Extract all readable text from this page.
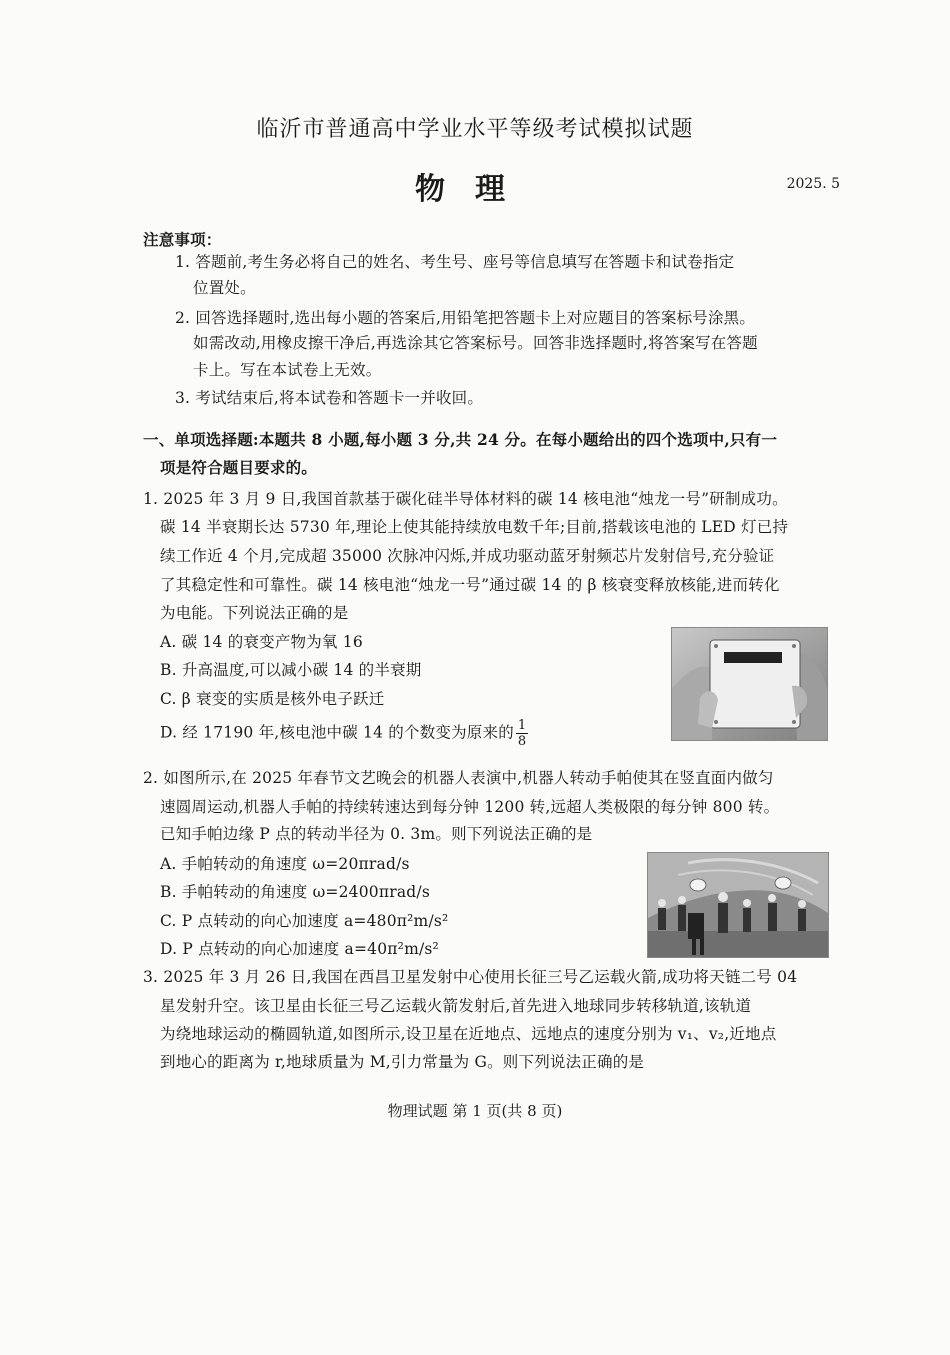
临沂市普通高中学业水平等级考试模拟试题
物理	2025. 5
注意事项：
1. 答题前,考生务必将自己的姓名、考生号、座号等信息填写在答题卡和试卷指定
位置处。
2. 回答选择题时,选出每小题的答案后,用铅笔把答题卡上对应题目的答案标号涂黑。
如需改动,用橡皮擦干净后,再选涂其它答案标号。回答非选择题时,将答案写在答题
卡上。写在本试卷上无效。
3. 考试结束后,将本试卷和答题卡一并收回。
一、单项选择题:本题共 8 小题,每小题 3 分,共 24 分。在每小题给出的四个选项中,只有一
项是符合题目要求的。
1. 2025 年 3 月 9 日,我国首款基于碳化硅半导体材料的碳 14 核电池“烛龙一号”研制成功。
碳 14 半衰期长达 5730 年,理论上使其能持续放电数千年;目前,搭载该电池的 LED 灯已持
续工作近 4 个月,完成超 35000 次脉冲闪烁,并成功驱动蓝牙射频芯片发射信号,充分验证
了其稳定性和可靠性。碳 14 核电池“烛龙一号”通过碳 14 的 β 核衰变释放核能,进而转化
为电能。下列说法正确的是
A. 碳 14 的衰变产物为氧 16
B. 升高温度,可以减小碳 14 的半衰期
C. β 衰变的实质是核外电子跃迁
D. 经 17190 年,核电池中碳 14 的个数变为原来的 $\frac{1}{8}$
2. 如图所示,在 2025 年春节文艺晚会的机器人表演中,机器人转动手帕使其在竖直面内做匀
速圆周运动,机器人手帕的持续转速达到每分钟 1200 转,远超人类极限的每分钟 800 转。
已知手帕边缘 P 点的转动半径为 0. 3m。则下列说法正确的是
A. 手帕转动的角速度 ω=20πrad/s
B. 手帕转动的角速度 ω=2400πrad/s
C. P 点转动的向心加速度 a=480π²m/s²
D. P 点转动的向心加速度 a=40π²m/s²
3. 2025 年 3 月 26 日,我国在西昌卫星发射中心使用长征三号乙运载火箭,成功将天链二号 04
星发射升空。该卫星由长征三号乙运载火箭发射后,首先进入地球同步转移轨道,该轨道
为绕地球运动的椭圆轨道,如图所示,设卫星在近地点、远地点的速度分别为 v₁、v₂,近地点
到地心的距离为 r,地球质量为 M,引力常量为 G。则下列说法正确的是
物理试题 第 1 页(共 8 页)
